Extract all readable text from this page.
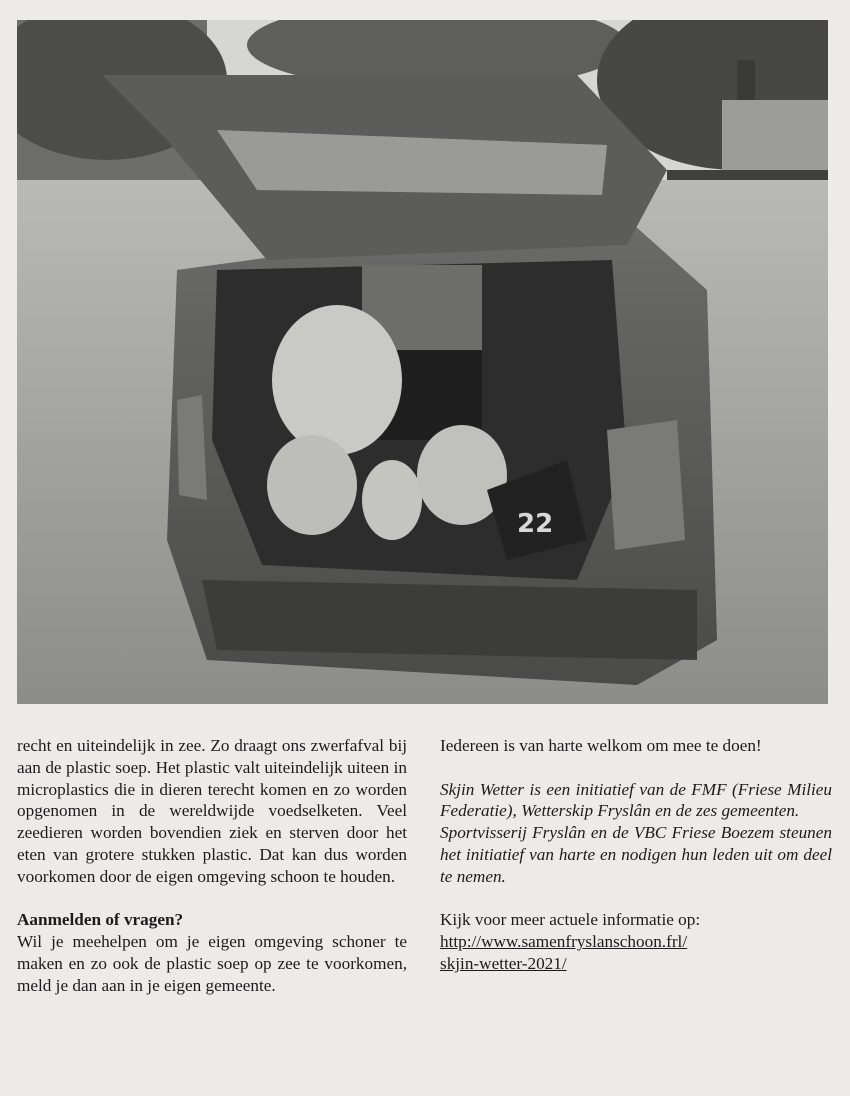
22

recht en uiteindelijk in zee. Zo draagt ons zwerfafval bij aan de plastic soep. Het plastic valt uiteindelijk uiteen in microplastics die in dieren terecht komen en zo worden opgenomen in de wereldwijde voedselketen. Veel zeedieren worden bovendien ziek en sterven door het eten van grotere stukken plastic. Dat kan dus worden voorkomen door de eigen omgeving schoon te houden.

Aanmelden of vragen?

Wil je meehelpen om je eigen omgeving schoner te maken en zo ook de plastic soep op zee te voorkomen, meld je dan aan in je eigen gemeente.

Iedereen is van harte welkom om mee te doen!

Skjin Wetter is een initiatief van de FMF (Friese Milieu Federatie), Wetterskip Fryslân en de zes gemeenten.

Sportvisserij Fryslân en de VBC Friese Boezem steunen het initiatief van harte en nodigen hun leden uit om deel te nemen.

Kijk voor meer actuele informatie op:

http://www.samenfryslanschoon.frl/
skjin-wetter-2021/
